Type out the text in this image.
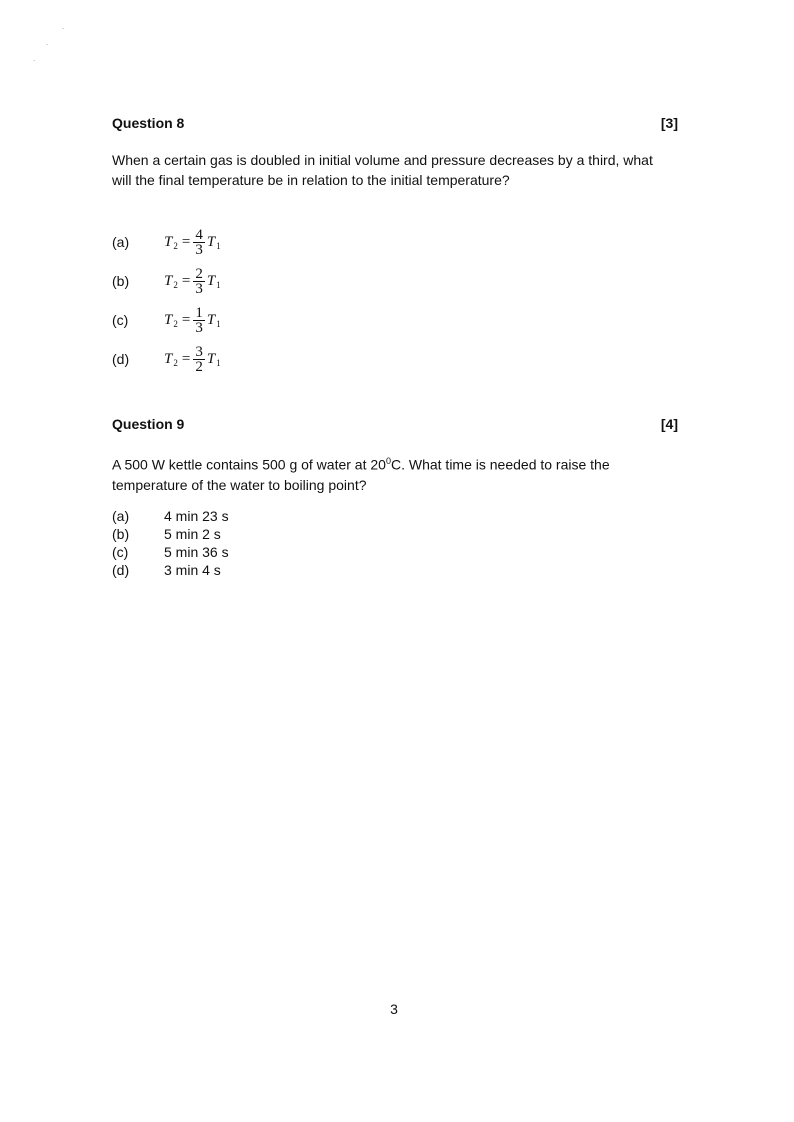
.
.
.
Question 8	[3]
When a certain gas is doubled in initial volume and pressure decreases by a third, what will the final temperature be in relation to the initial temperature?
(a) T $2 = \frac{4}{3}$ T 1
(b) T $2 = \frac{2}{3}$ T 1
(c) T $2 = \frac{1}{3}$ T 1
(d) T $2 = \frac{3}{2}$ T 1
Question 9	[4]
A 500 W kettle contains 500 g of water at $20^0C$. What time is needed to raise the temperature of the water to boiling point?
(a) 4 min 23 s
(b) 5 min 2 s
(c)	5 min 36 s
(d) 3 min 4 s
3
